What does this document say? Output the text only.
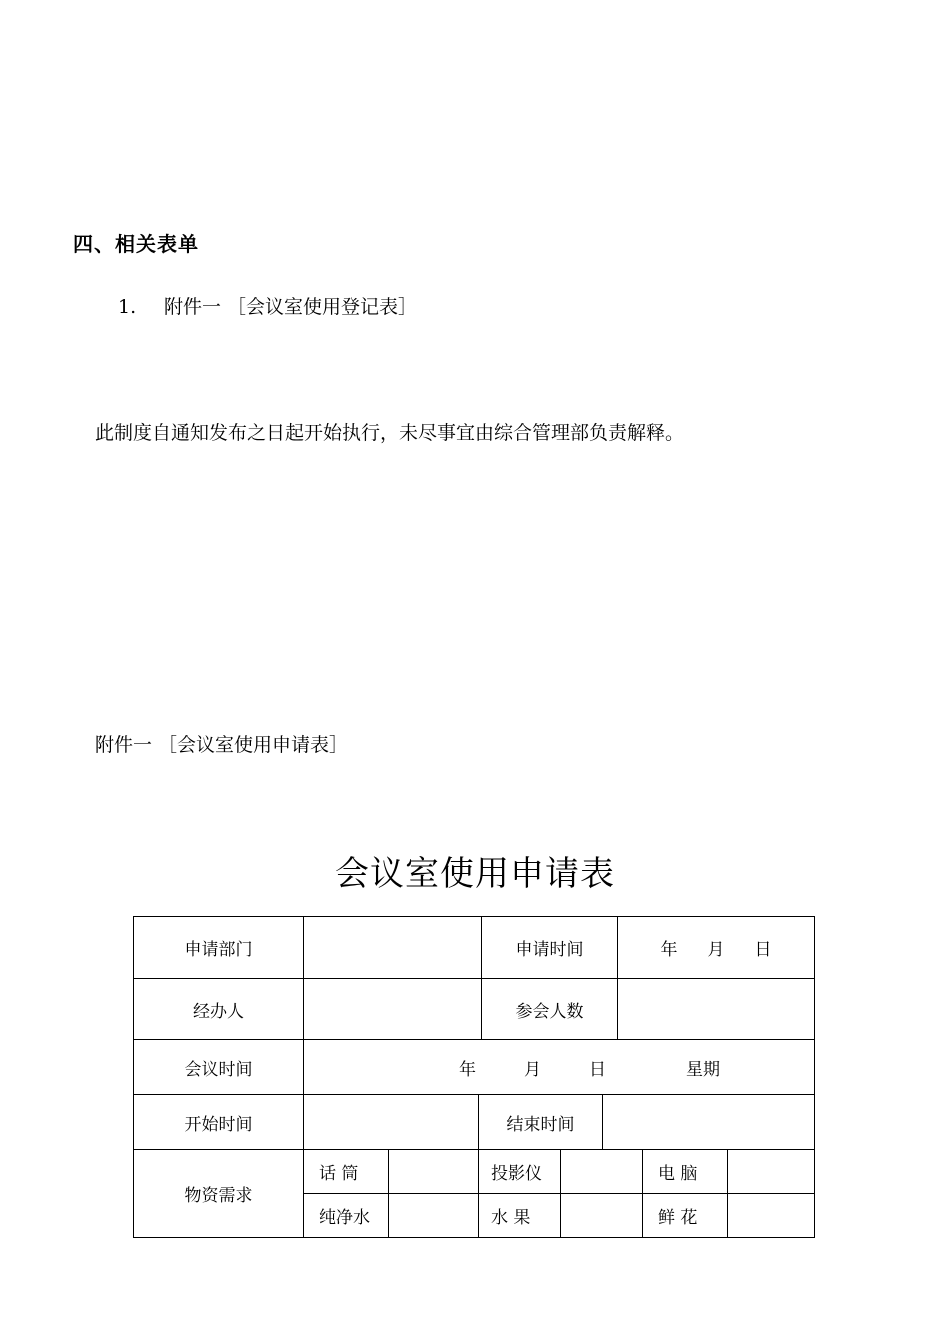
四、相关表单
1. 附件一 ［会议室使用登记表］
此制度自通知发布之日起开始执行，未尽事宜由综合管理部负责解释。
附件一 ［会议室使用申请表］
会议室使用申请表
申请部门	申请时间	年 月 日
经办人	参会人数
会议时间	年	月	日	星期
开始时间	结束时间
物资需求
话 筒	投影仪	电 脑
纯净水	水 果	鲜 花
